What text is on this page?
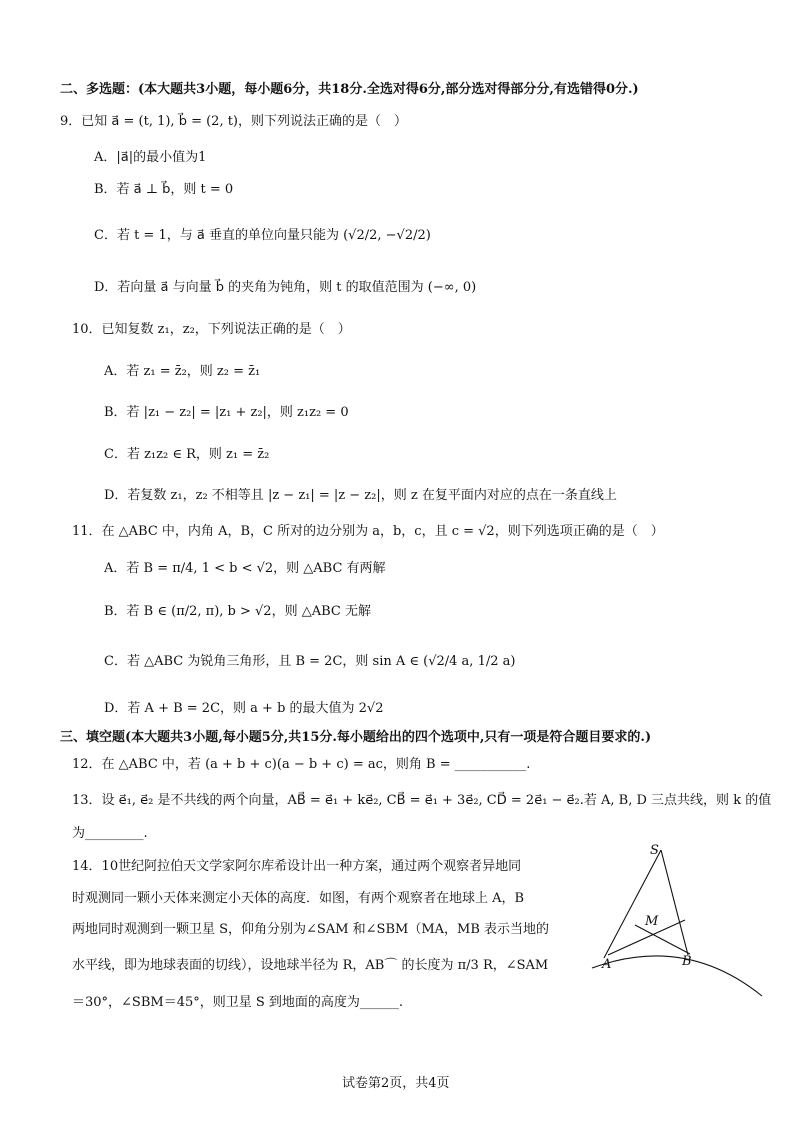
二、多选题：(本大题共3小题，每小题6分，共18分.全选对得6分,部分选对得部分分,有选错得0分.)
9．已知 a⃗ = (t, 1), b⃗ = (2, t)，则下列说法正确的是（　）
A．|a⃗|的最小值为1
B．若 a⃗ ⊥ b⃗，则 t = 0
C．若 t = 1，与 a⃗ 垂直的单位向量只能为 (√2/2, −√2/2)
D．若向量 a⃗ 与向量 b⃗ 的夹角为钝角，则 t 的取值范围为 (−∞, 0)
10．已知复数 z₁，z₂，下列说法正确的是（　）
A．若 z₁ = z̄₂，则 z₂ = z̄₁
B．若 |z₁ − z₂| = |z₁ + z₂|，则 z₁z₂ = 0
C．若 z₁z₂ ∈ R，则 z₁ = z̄₂
D．若复数 z₁，z₂ 不相等且 |z − z₁| = |z − z₂|，则 z 在复平面内对应的点在一条直线上
11．在 △ABC 中，内角 A，B，C 所对的边分别为 a，b，c，且 c = √2，则下列选项正确的是（　）
A．若 B = π/4, 1 < b < √2，则 △ABC 有两解
B．若 B ∈ (π/2, π), b > √2，则 △ABC 无解
C．若 △ABC 为锐角三角形，且 B = 2C，则 sin A ∈ (√2/4 a, 1/2 a)
D．若 A + B = 2C，则 a + b 的最大值为 2√2
三、填空题(本大题共3小题,每小题5分,共15分.每小题给出的四个选项中,只有一项是符合题目要求的.)
12．在 △ABC 中，若 (a + b + c)(a − b + c) = ac，则角 B = ___________.
13．设 e⃗₁, e⃗₂ 是不共线的两个向量，AB⃗ = e⃗₁ + ke⃗₂, CB⃗ = e⃗₁ + 3e⃗₂, CD⃗ = 2e⃗₁ − e⃗₂.若 A, B, D 三点共线，则 k 的值
为_________.
14．10世纪阿拉伯天文学家阿尔库希设计出一种方案，通过两个观察者异地同
时观测同一颗小天体来测定小天体的高度．如图，有两个观察者在地球上 A，B
两地同时观测到一颗卫星 S，仰角分别为∠SAM 和∠SBM（MA，MB 表示当地的
水平线，即为地球表面的切线），设地球半径为 R，AB⌒ 的长度为 π/3 R，∠SAM
＝30°，∠SBM＝45°，则卫星 S 到地面的高度为______.
S
M
A	B
试卷第2页，共4页
